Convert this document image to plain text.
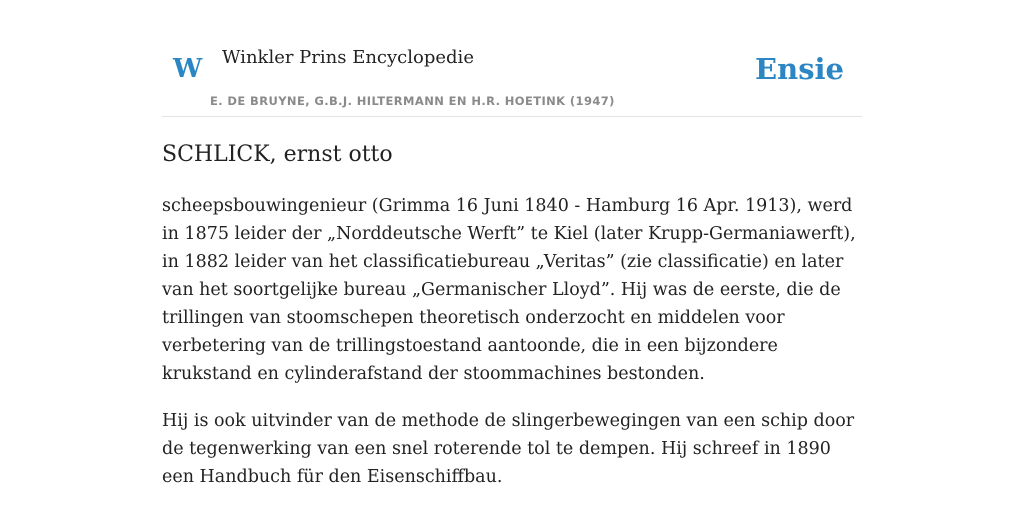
W Winkler Prins Encyclopedie	Ensie
E. DE BRUYNE, G.B.J. HILTERMANN EN H.R. HOETINK (1947)
SCHLICK, ernst otto

scheepsbouwingenieur (Grimma 16 Juni 1840 - Hamburg 16 Apr. 1913), werd in 1875 leider der „Norddeutsche Werft” te Kiel (later Krupp-Germaniawerft), in 1882 leider van het classificatiebureau „Veritas” (zie classificatie) en later van het soortgelijke bureau „Germanischer Lloyd”. Hij was de eerste, die de trillingen van stoomschepen theoretisch onderzocht en middelen voor verbetering van de trillingstoestand aantoonde, die in een bijzondere krukstand en cylinderafstand der stoommachines bestonden.

Hij is ook uitvinder van de methode de slingerbewegingen van een schip door de tegenwerking van een snel roterende tol te dempen. Hij schreef in 1890 een Handbuch für den Eisenschiffbau.
